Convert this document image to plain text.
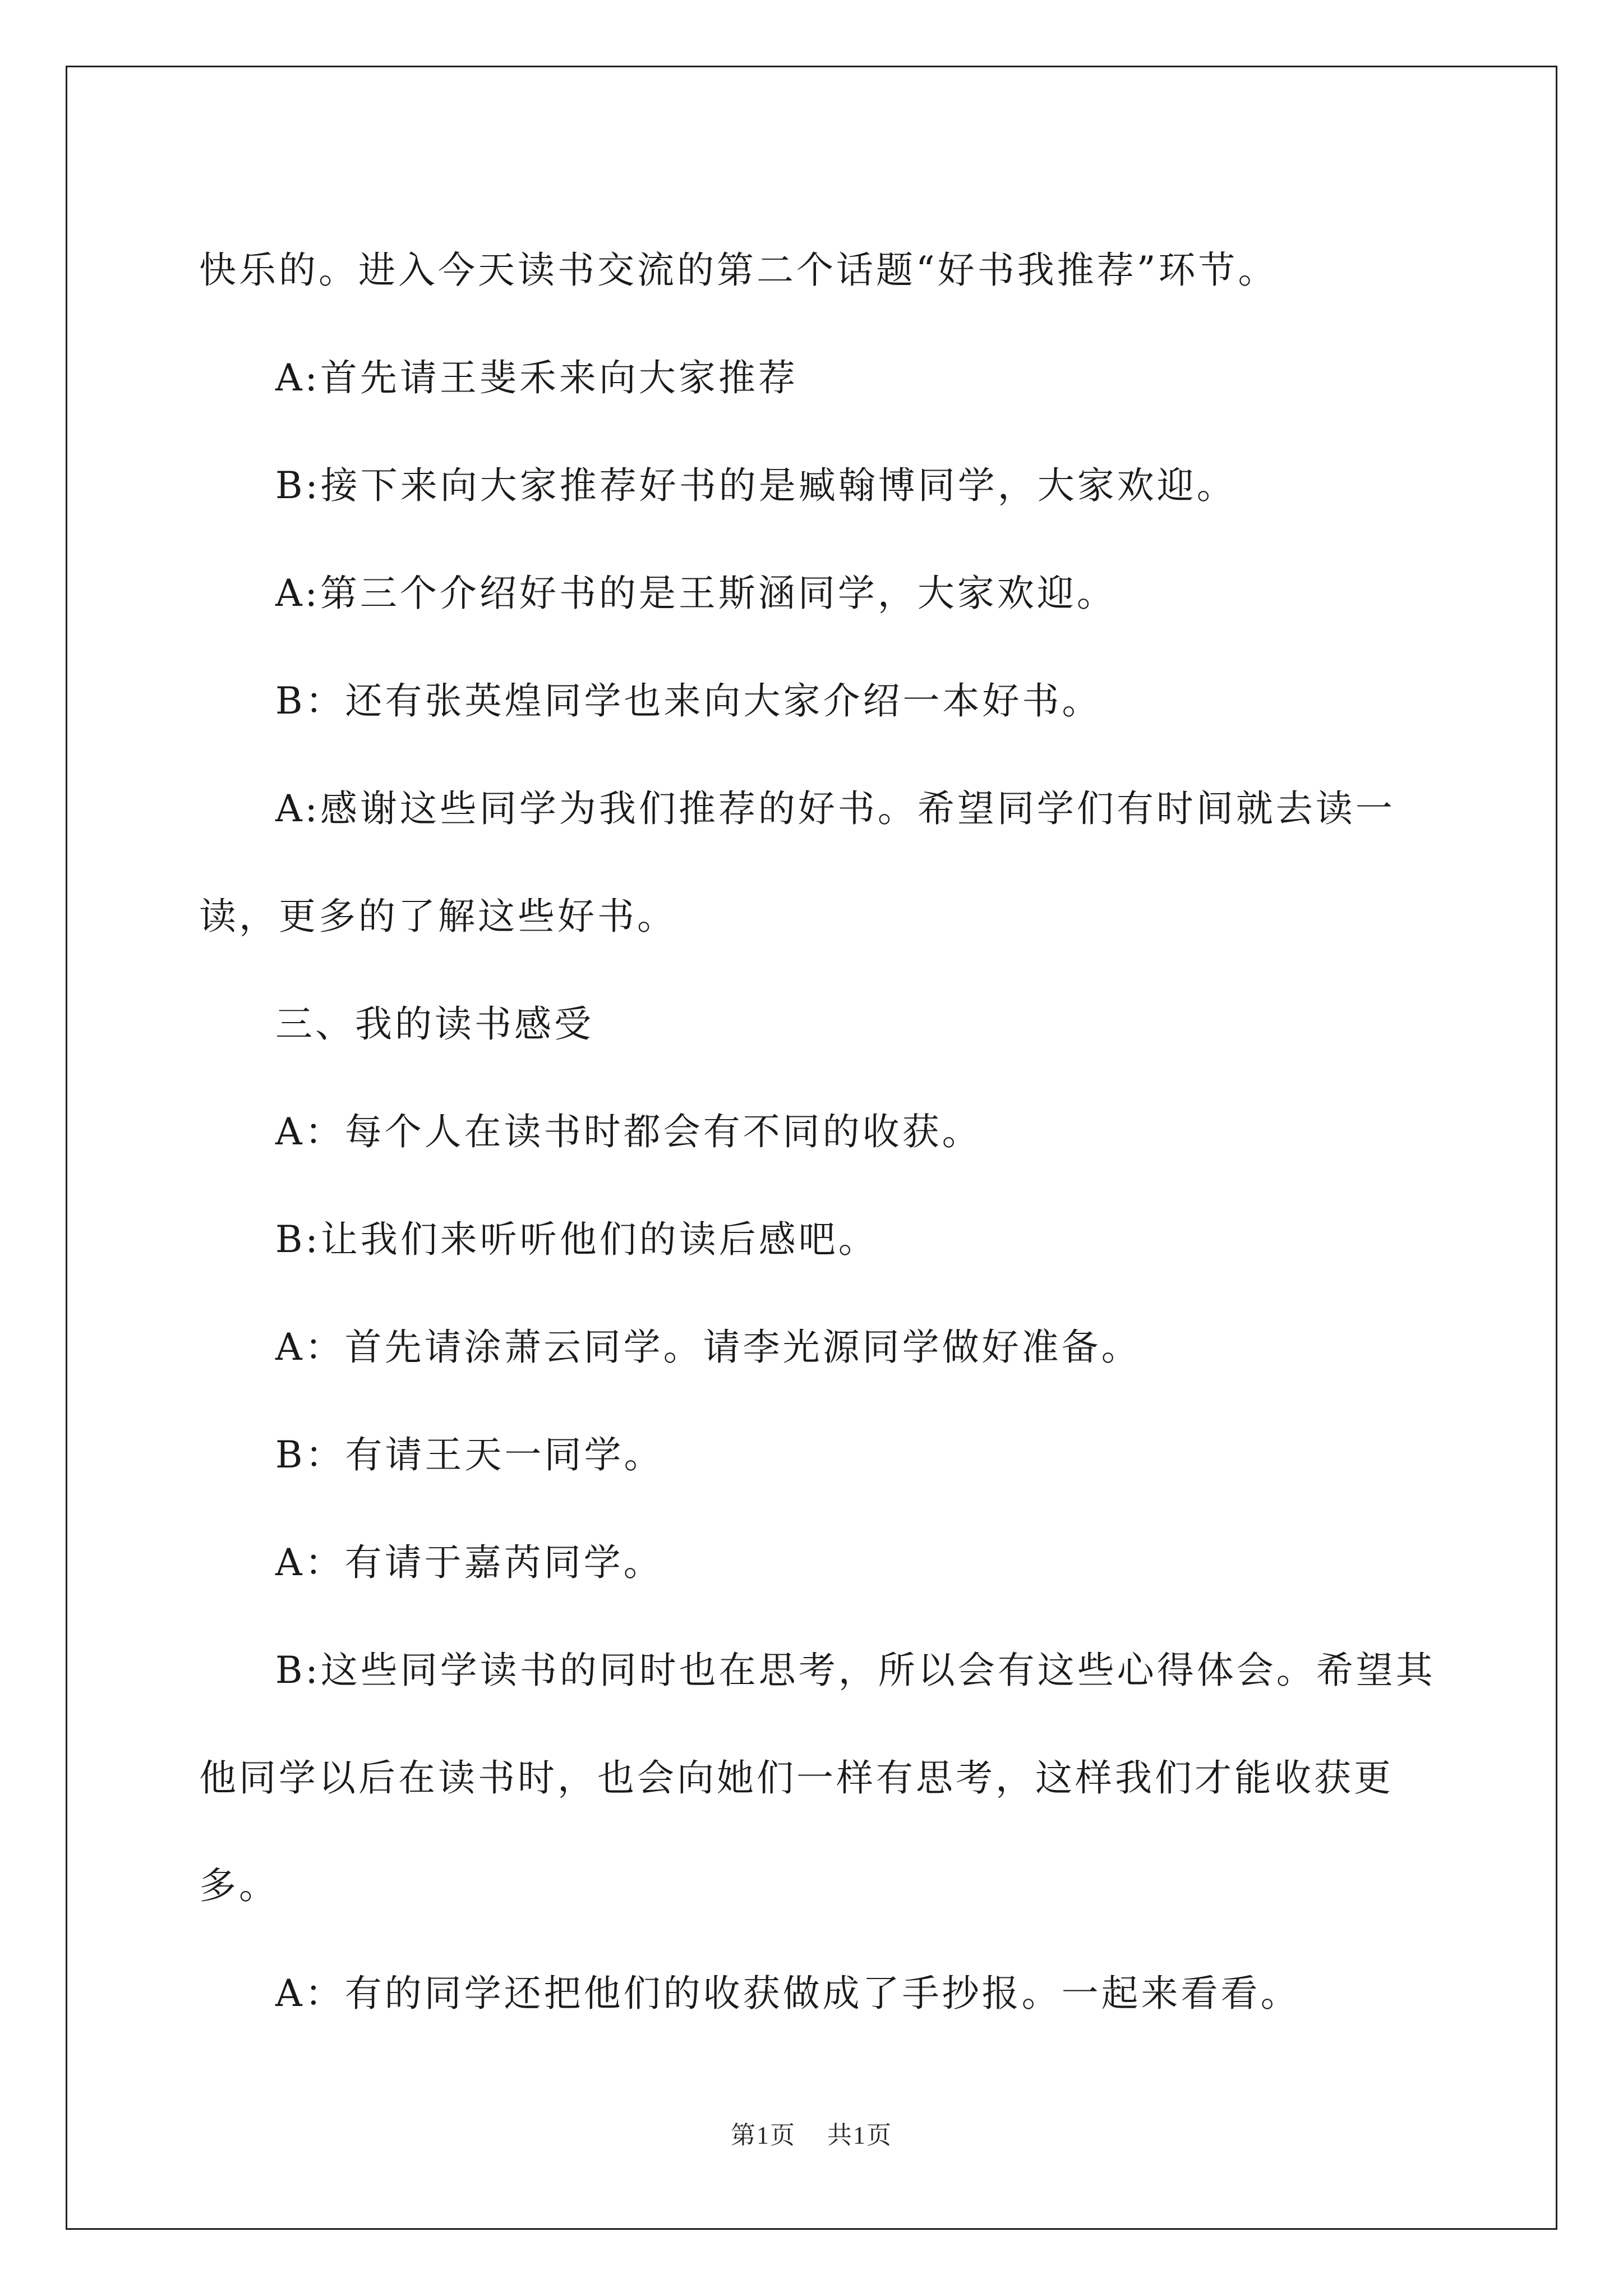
快乐的。进入今天读书交流的第二个话题“好书我推荐”环节。

A:首先请王斐禾来向大家推荐

B:接下来向大家推荐好书的是臧翰博同学，大家欢迎。

A:第三个介绍好书的是王斯涵同学，大家欢迎。

B：还有张英煌同学也来向大家介绍一本好书。

A:感谢这些同学为我们推荐的好书。希望同学们有时间就去读一读，更多的了解这些好书。

三、我的读书感受

A：每个人在读书时都会有不同的收获。

B:让我们来听听他们的读后感吧。

A：首先请涂萧云同学。请李光源同学做好准备。

B：有请王天一同学。

A：有请于嘉芮同学。

B:这些同学读书的同时也在思考，所以会有这些心得体会。希望其他同学以后在读书时，也会向她们一样有思考，这样我们才能收获更多。

A：有的同学还把他们的收获做成了手抄报。一起来看看。

第1页 共1页
